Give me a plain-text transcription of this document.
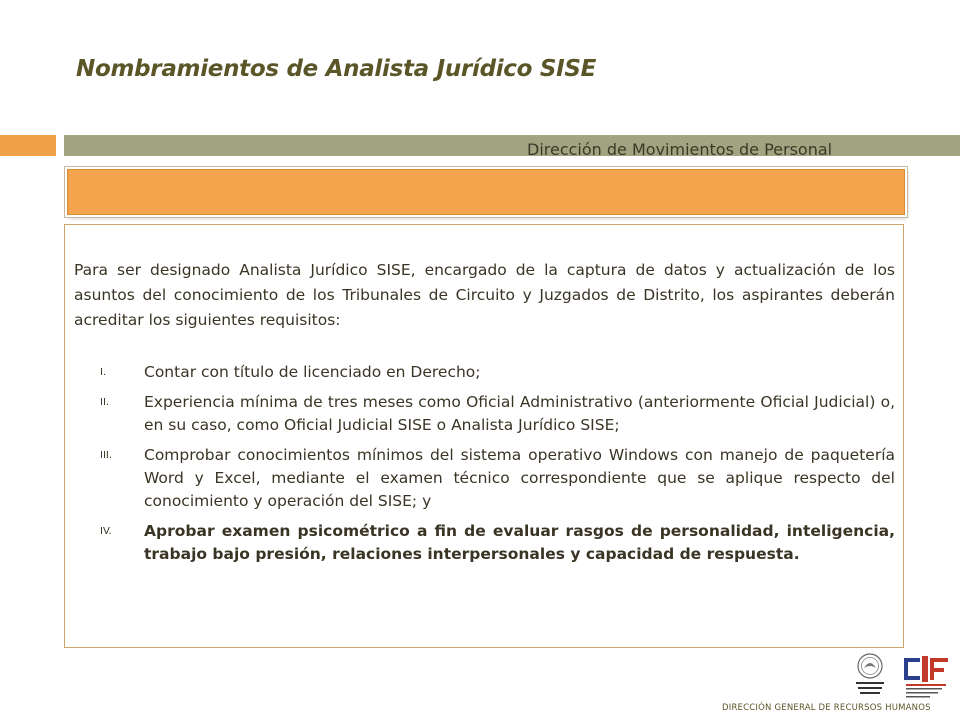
Nombramientos de Analista Jurídico SISE
Dirección de Movimientos de Personal
Para ser designado Analista Jurídico SISE, encargado de la captura de datos y actualización de los asuntos del conocimiento de los Tribunales de Circuito y Juzgados de Distrito, los aspirantes deberán acreditar los siguientes requisitos:
I.	Contar con título de licenciado en Derecho;
II.	Experiencia mínima de tres meses como Oficial Administrativo (anteriormente Oficial Judicial) o, en su caso, como Oficial Judicial SISE o Analista Jurídico SISE;
III.	Comprobar conocimientos mínimos del sistema operativo Windows con manejo de paquetería Word y Excel, mediante el examen técnico correspondiente que se aplique respecto del conocimiento y operación del SISE; y
IV.	Aprobar examen psicométrico a fin de evaluar rasgos de personalidad, inteligencia, trabajo bajo presión, relaciones interpersonales y capacidad de respuesta.
DIRECCIÓN GENERAL DE RECURSOS HUMANOS
